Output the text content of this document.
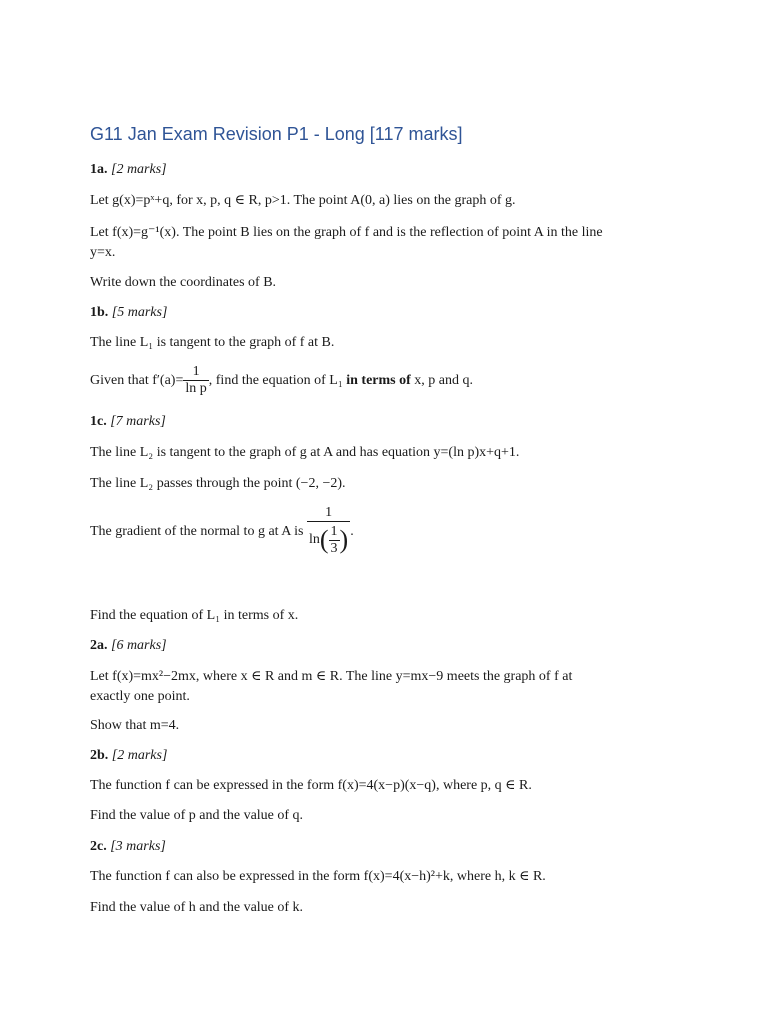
G11 Jan Exam Revision P1 - Long [117 marks]
1a. [2 marks]
Let g(x)=pˣ+q, for x, p, q ∈ R, p>1. The point A(0, a) lies on the graph of g.
Let f(x)=g⁻¹(x). The point B lies on the graph of f and is the reflection of point A in the line
y=x.
Write down the coordinates of B.
1b. [5 marks]
The line L₁ is tangent to the graph of f at B.
Given that $f'(a)= \frac{1}{\text{ln p}}$ , find the equation of L₁ in terms of x, p and q.
1c. [7 marks]
The line L₂ is tangent to the graph of g at A and has equation y=(ln p)x+q+1.
The line L₂ passes through the point (−2, −2).
The gradient of the normal to g at A is $\frac{1}{\ln( \frac{1}{3} )}$ .
Find the equation of L₁ in terms of x.
2a. [6 marks]
Let f(x)=mx²−2mx, where x ∈ R and m ∈ R. The line y=mx−9 meets the graph of f at
exactly one point.
Show that m=4.
2b. [2 marks]
The function f can be expressed in the form f(x)=4(x−p)(x−q), where p, q ∈ R.
Find the value of p and the value of q.
2c. [3 marks]
The function f can also be expressed in the form f(x)=4(x−h)²+k, where h, k ∈ R.
Find the value of h and the value of k.
